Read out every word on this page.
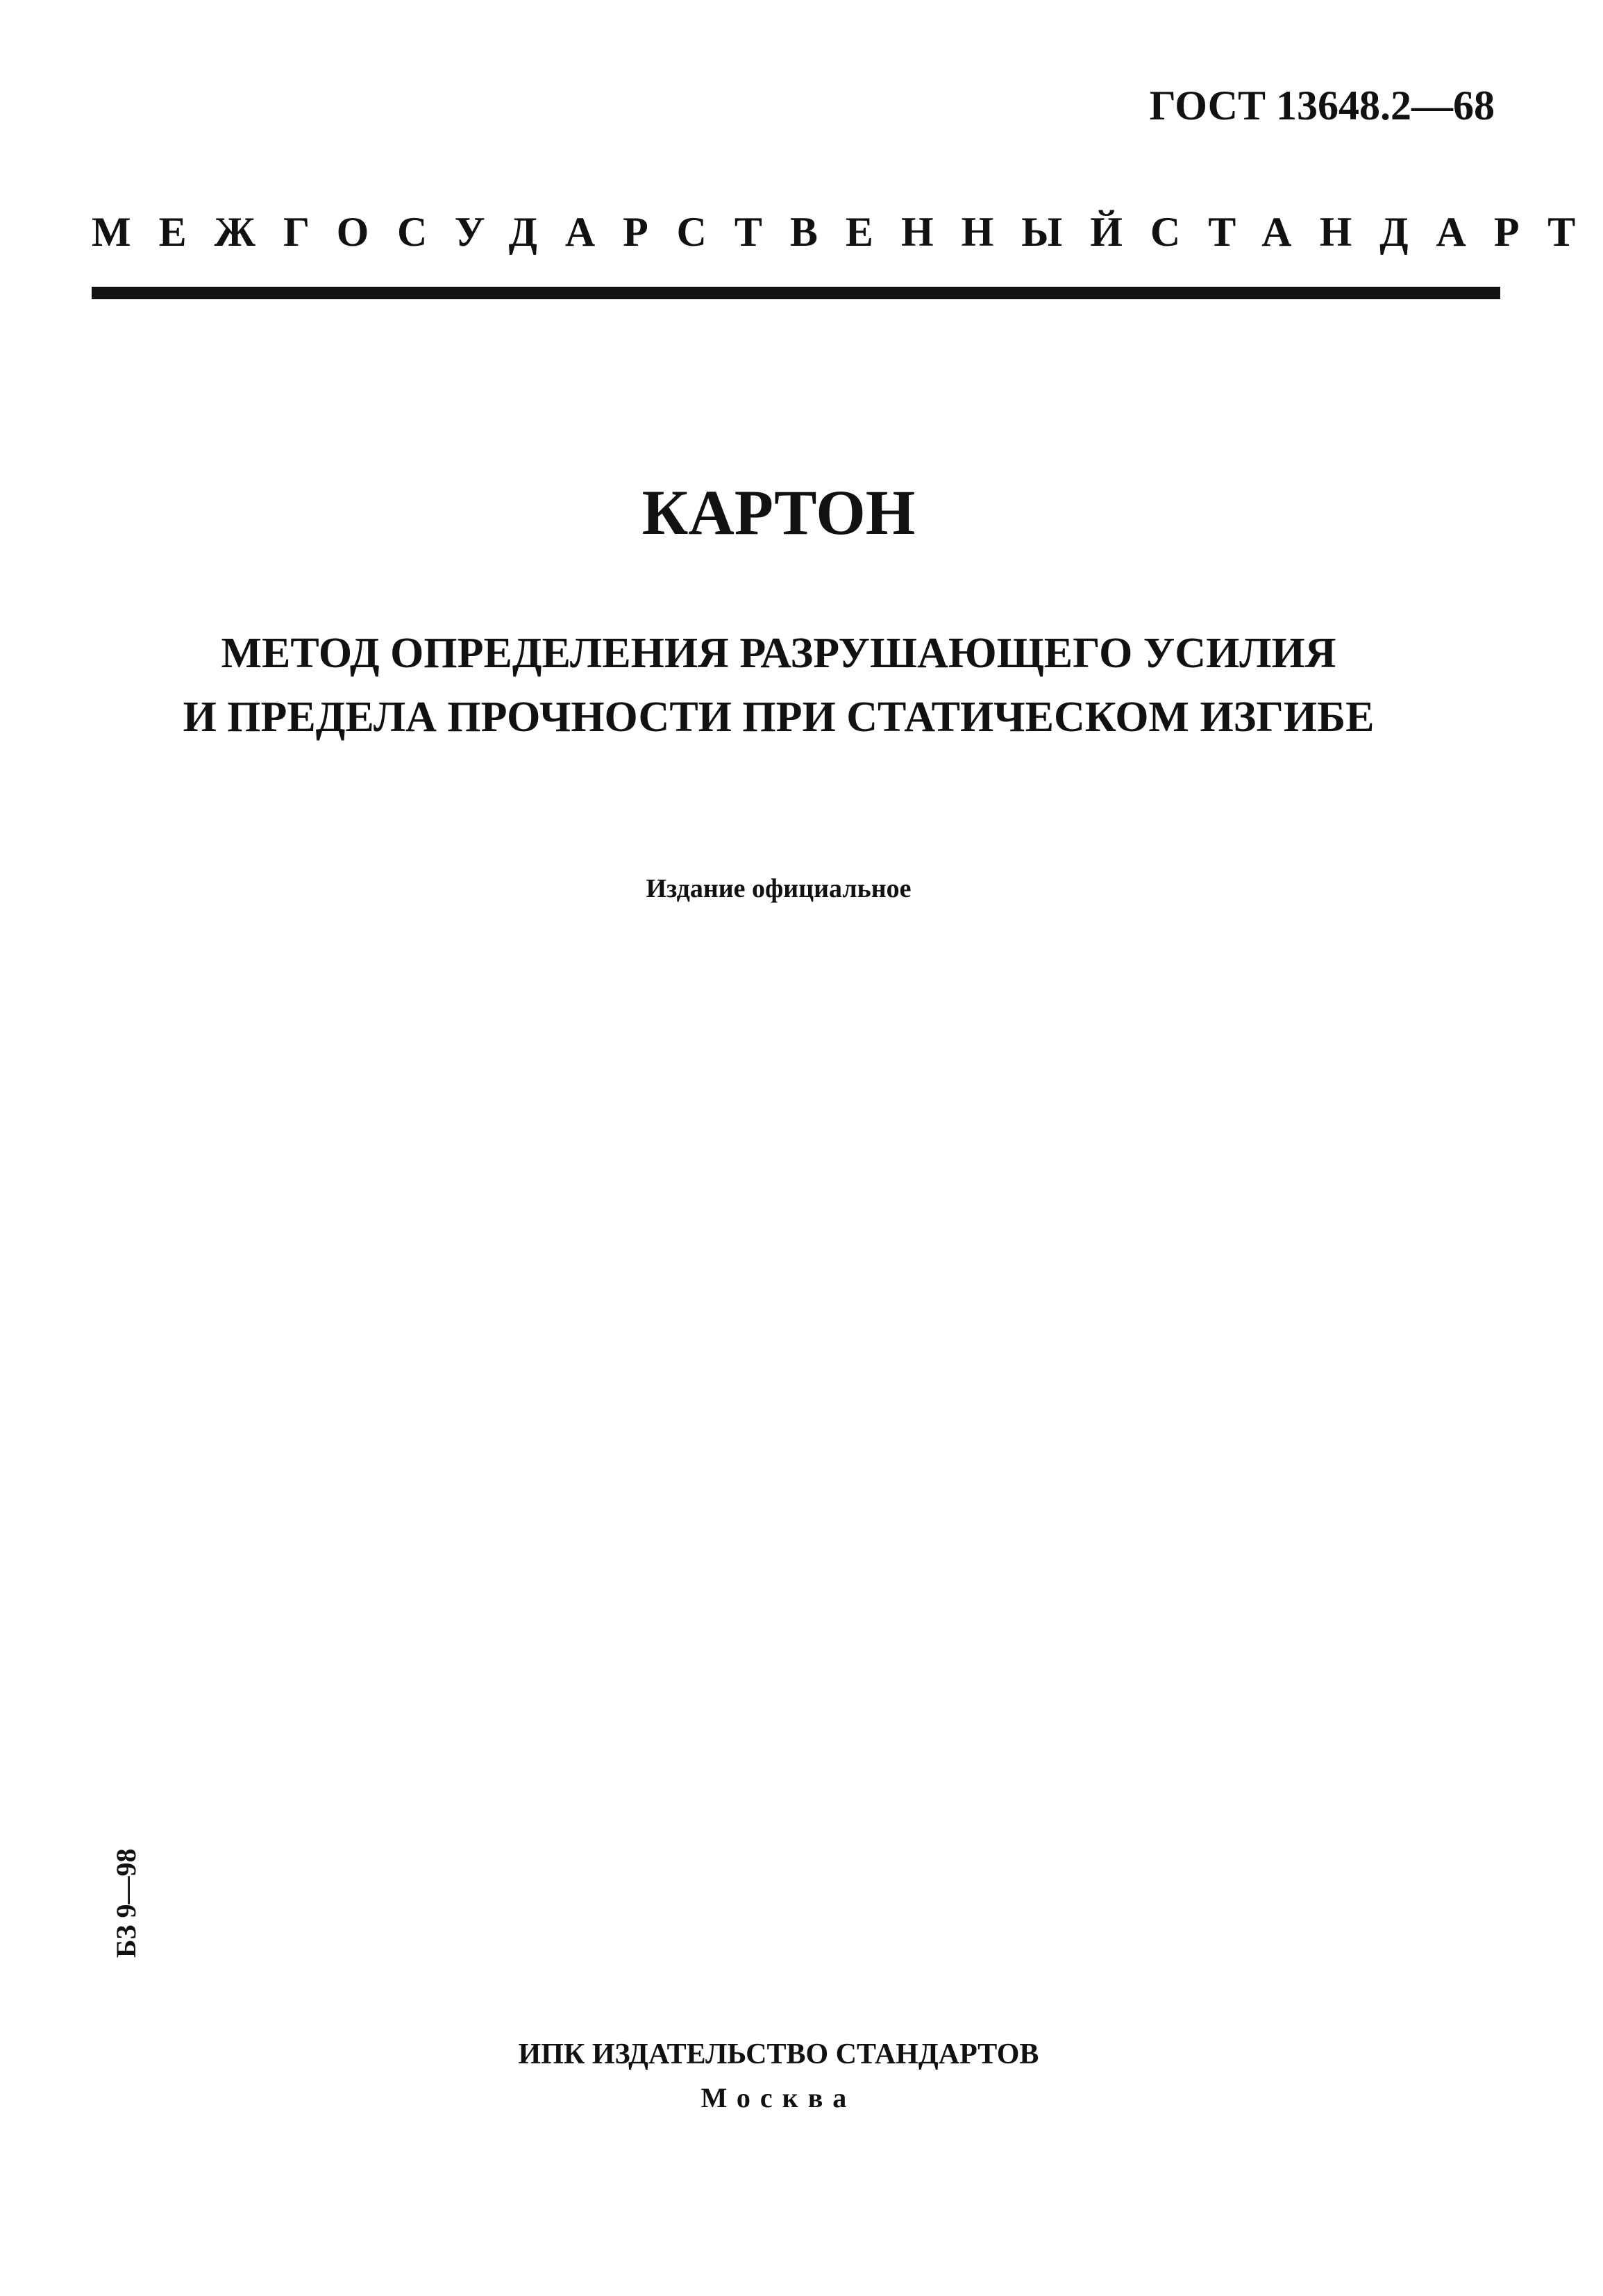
ГОСТ 13648.2—68
МЕЖГОСУДАРСТВЕННЫЙ СТАНДАРТ
КАРТОН
МЕТОД ОПРЕДЕЛЕНИЯ РАЗРУШАЮЩЕГО УСИЛИЯ
И ПРЕДЕЛА ПРОЧНОСТИ ПРИ СТАТИЧЕСКОМ ИЗГИБЕ
Издание официальное
БЗ 9—98
ИПК ИЗДАТЕЛЬСТВО СТАНДАРТОВ
Москва
